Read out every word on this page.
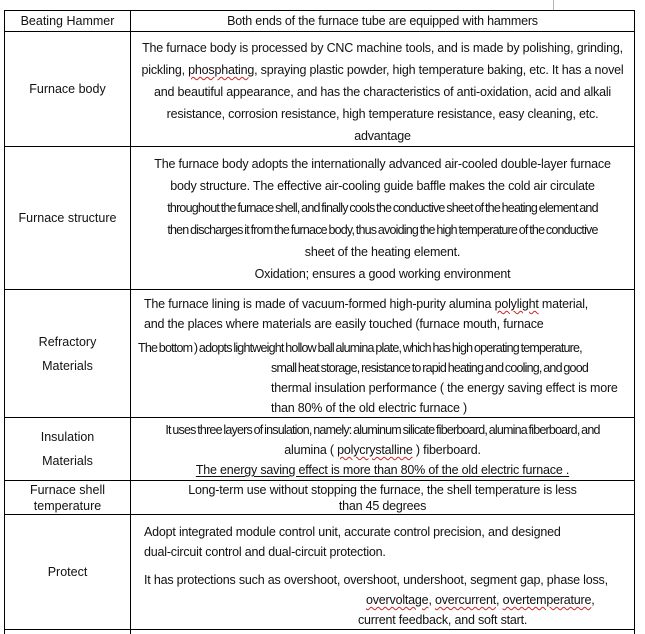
Beating Hammer	Both ends of the furnace tube are equipped with hammers
Furnace body
The furnace body is processed by CNC machine tools, and is made by polishing, grinding,
pickling, phosphating, spraying plastic powder, high temperature baking, etc. It has a novel
and beautiful appearance, and has the characteristics of anti-oxidation, acid and alkali
resistance, corrosion resistance, high temperature resistance, easy cleaning, etc.
advantage
Furnace structure
The furnace body adopts the internationally advanced air-cooled double-layer furnace
body structure. The effective air-cooling guide baffle makes the cold air circulate
throughout the furnace shell, and finally cools the conductive sheet of the heating element and
then discharges it from the furnace body, thus avoiding the high temperature of the conductive
sheet of the heating element.
Oxidation; ensures a good working environment
Refractory
Materials
The furnace lining is made of vacuum-formed high-purity alumina polylight material,
and the places where materials are easily touched (furnace mouth, furnace
The bottom ) adopts lightweight hollow ball alumina plate, which has high operating temperature,
small heat storage, resistance to rapid heating and cooling, and good
thermal insulation performance ( the energy saving effect is more
than 80% of the old electric furnace )
Insulation
Materials
It uses three layers of insulation, namely: aluminum silicate fiberboard, alumina fiberboard, and
alumina ( polycrystalline ) fiberboard.
The energy saving effect is more than 80% of the old electric furnace .
Furnace shell
temperature
Long-term use without stopping the furnace, the shell temperature is less
than 45 degrees
Protect
Adopt integrated module control unit, accurate control precision, and designed
dual-circuit control and dual-circuit protection.
It has protections such as overshoot, overshoot, undershoot, segment gap, phase loss,
overvoltage, overcurrent, overtemperature,
current feedback, and soft start.
